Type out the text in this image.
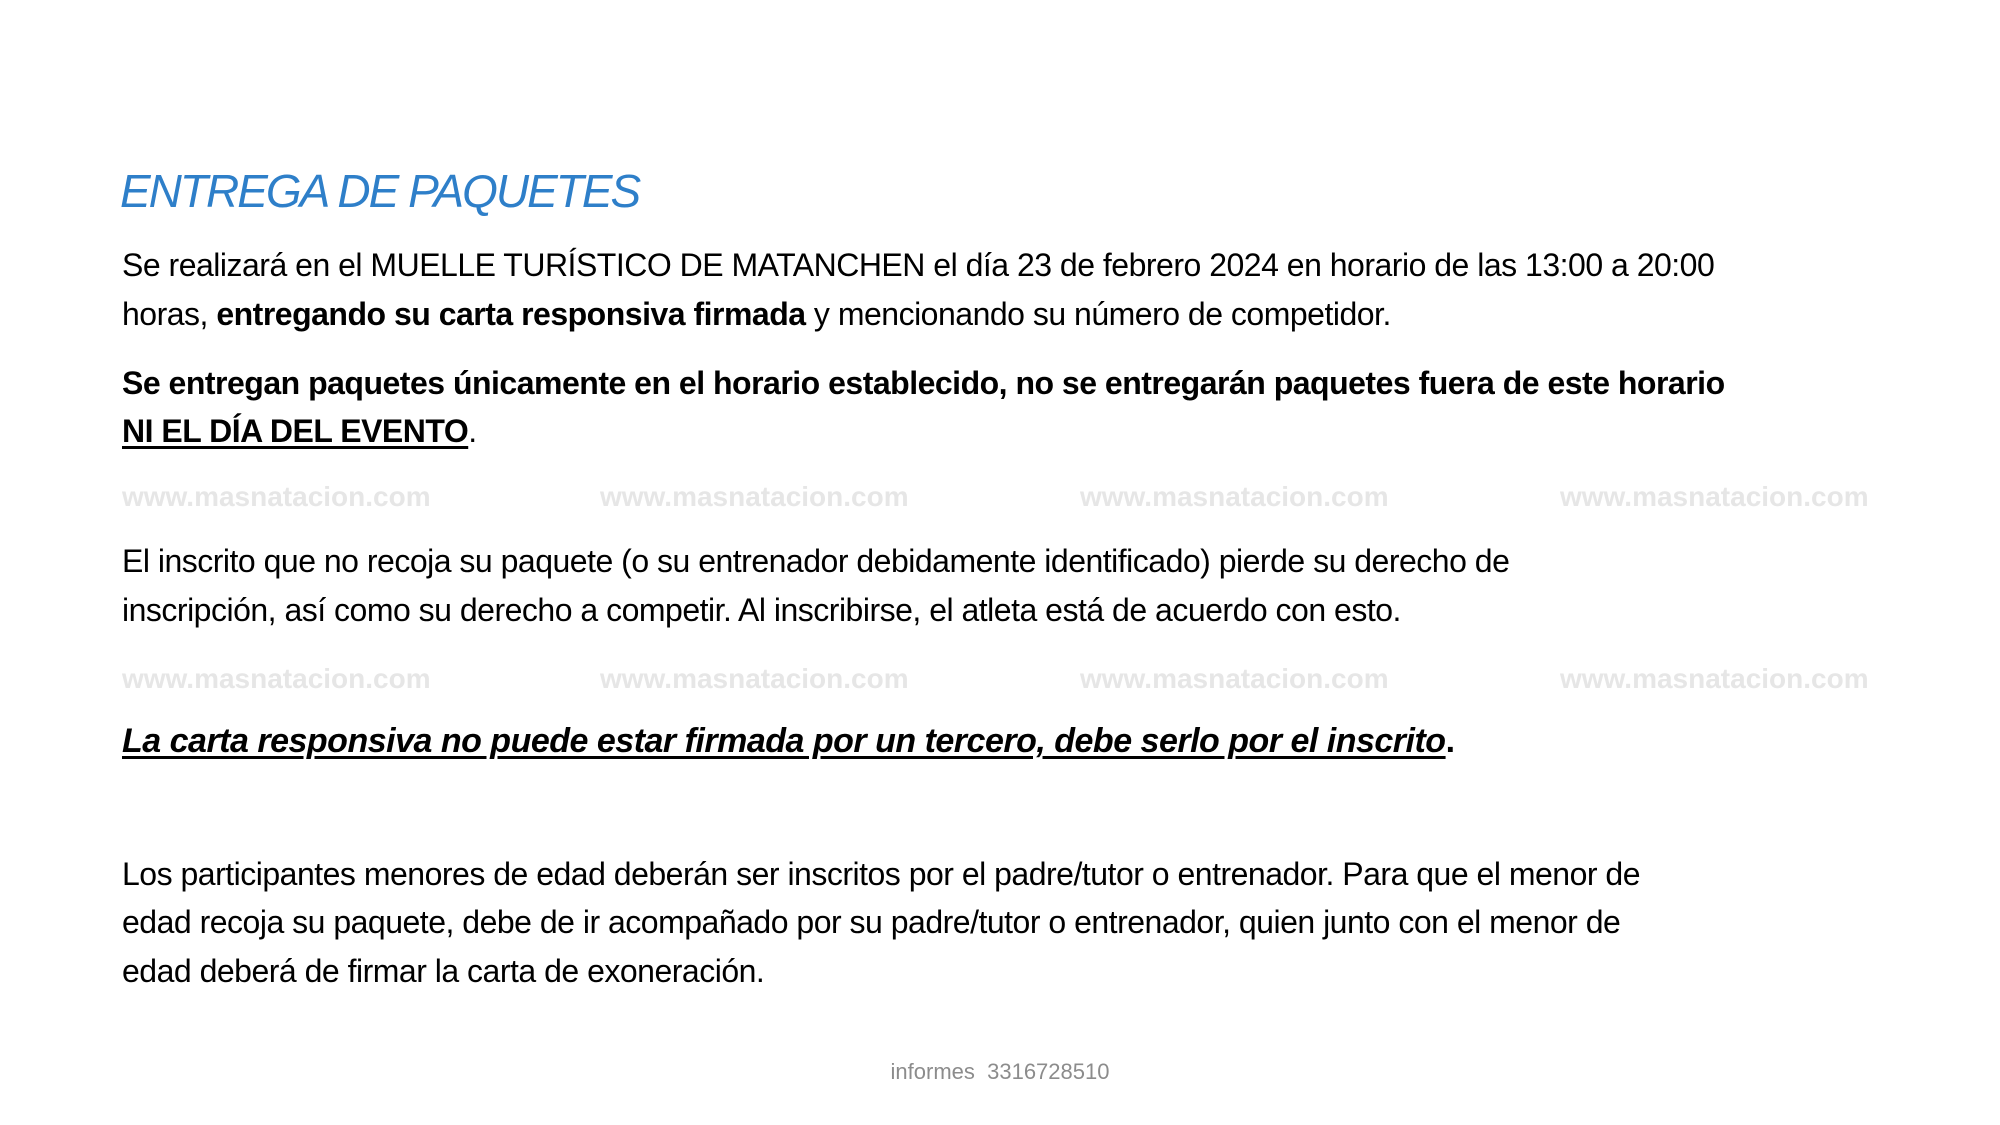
www.masnatacion.com	www.masnatacion.com	www.masnatacion.com	www.masnatacion.com
www.masnatacion.com	www.masnatacion.com	www.masnatacion.com	www.masnatacion.com
ENTREGA DE PAQUETES
Se realizará en el MUELLE TURÍSTICO DE MATANCHEN el día 23 de febrero 2024 en horario de las 13:00 a 20:00
horas, entregando su carta responsiva firmada y mencionando su número de competidor.
Se entregan paquetes únicamente en el horario establecido, no se entregarán paquetes fuera de este horario
NI EL DÍA DEL EVENTO.
El inscrito que no recoja su paquete (o su entrenador debidamente identificado) pierde su derecho de
inscripción, así como su derecho a competir. Al inscribirse, el atleta está de acuerdo con esto.
La carta responsiva no puede estar firmada por un tercero, debe serlo por el inscrito.
Los participantes menores de edad deberán ser inscritos por el padre/tutor o entrenador. Para que el menor de
edad recoja su paquete, debe de ir acompañado por su padre/tutor o entrenador, quien junto con el menor de
edad deberá de firmar la carta de exoneración.
informes  3316728510
